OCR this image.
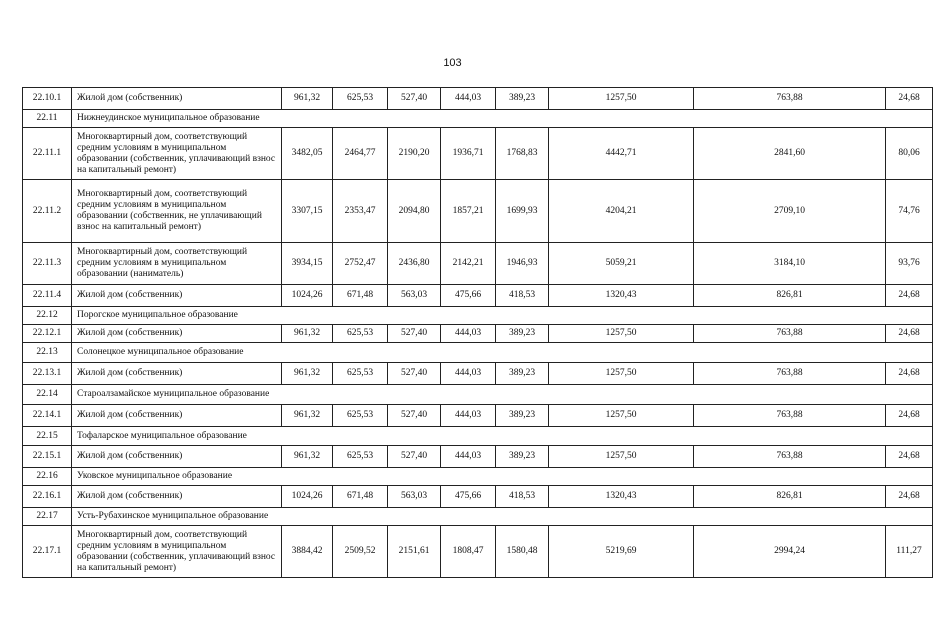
103
22.10.1	Жилой дом (собственник)	961,32	625,53	527,40	444,03	389,23	1257,50	763,88	24,68
22.11	Нижнеудинское муниципальное образование								
22.11.1	Многоквартирный дом, соответствующий средним условиям в муниципальном образовании (собственник, уплачивающий взнос на капитальный ремонт)	3482,05	2464,77	2190,20	1936,71	1768,83	4442,71	2841,60	80,06
22.11.2	Многоквартирный дом, соответствующий средним условиям в муниципальном образовании (собственник, не уплачивающий взнос на капитальный ремонт)	3307,15	2353,47	2094,80	1857,21	1699,93	4204,21	2709,10	74,76
22.11.3	Многоквартирный дом, соответствующий средним условиям в муниципальном образовании (наниматель)	3934,15	2752,47	2436,80	2142,21	1946,93	5059,21	3184,10	93,76
22.11.4	Жилой дом (собственник)	1024,26	671,48	563,03	475,66	418,53	1320,43	826,81	24,68
22.12	Порогское муниципальное образование								
22.12.1	Жилой дом (собственник)	961,32	625,53	527,40	444,03	389,23	1257,50	763,88	24,68
22.13	Солонецкое муниципальное образование								
22.13.1	Жилой дом (собственник)	961,32	625,53	527,40	444,03	389,23	1257,50	763,88	24,68
22.14	Староалзамайское муниципальное образование								
22.14.1	Жилой дом (собственник)	961,32	625,53	527,40	444,03	389,23	1257,50	763,88	24,68
22.15	Тофаларское муниципальное образование								
22.15.1	Жилой дом (собственник)	961,32	625,53	527,40	444,03	389,23	1257,50	763,88	24,68
22.16	Уковское муниципальное образование								
22.16.1	Жилой дом (собственник)	1024,26	671,48	563,03	475,66	418,53	1320,43	826,81	24,68
22.17	Усть-Рубахинское муниципальное образование								
22.17.1	Многоквартирный дом, соответствующий средним условиям в муниципальном образовании (собственник, уплачивающий взнос на капитальный ремонт)	3884,42	2509,52	2151,61	1808,47	1580,48	5219,69	2994,24	111,27
